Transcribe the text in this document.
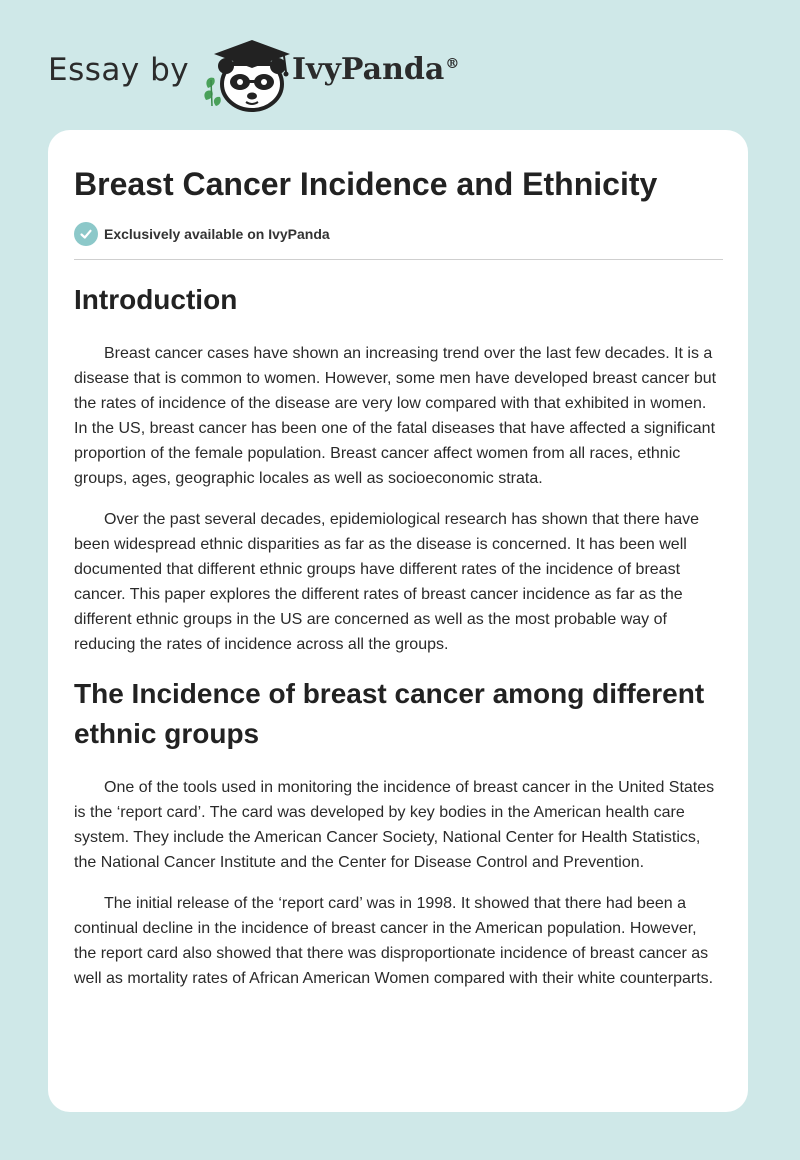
Essay by	IvyPanda®
Breast Cancer Incidence and Ethnicity
Exclusively available on IvyPanda
Introduction

Breast cancer cases have shown an increasing trend over the last few decades. It is a disease that is common to women. However, some men have developed breast cancer but the rates of incidence of the disease are very low compared with that exhibited in women. In the US, breast cancer has been one of the fatal diseases that have affected a significant proportion of the female population. Breast cancer affect women from all races, ethnic groups, ages, geographic locales as well as socioeconomic strata.

Over the past several decades, epidemiological research has shown that there have been widespread ethnic disparities as far as the disease is concerned. It has been well documented that different ethnic groups have different rates of the incidence of breast cancer. This paper explores the different rates of breast cancer incidence as far as the different ethnic groups in the US are concerned as well as the most probable way of reducing the rates of incidence across all the groups.

The Incidence of breast cancer among different ethnic groups

One of the tools used in monitoring the incidence of breast cancer in the United States is the ‘report card’. The card was developed by key bodies in the American health care system. They include the American Cancer Society, National Center for Health Statistics, the National Cancer Institute and the Center for Disease Control and Prevention.

The initial release of the ‘report card’ was in 1998. It showed that there had been a continual decline in the incidence of breast cancer in the American population. However, the report card also showed that there was disproportionate incidence of breast cancer as well as mortality rates of African American Women compared with their white counterparts.
